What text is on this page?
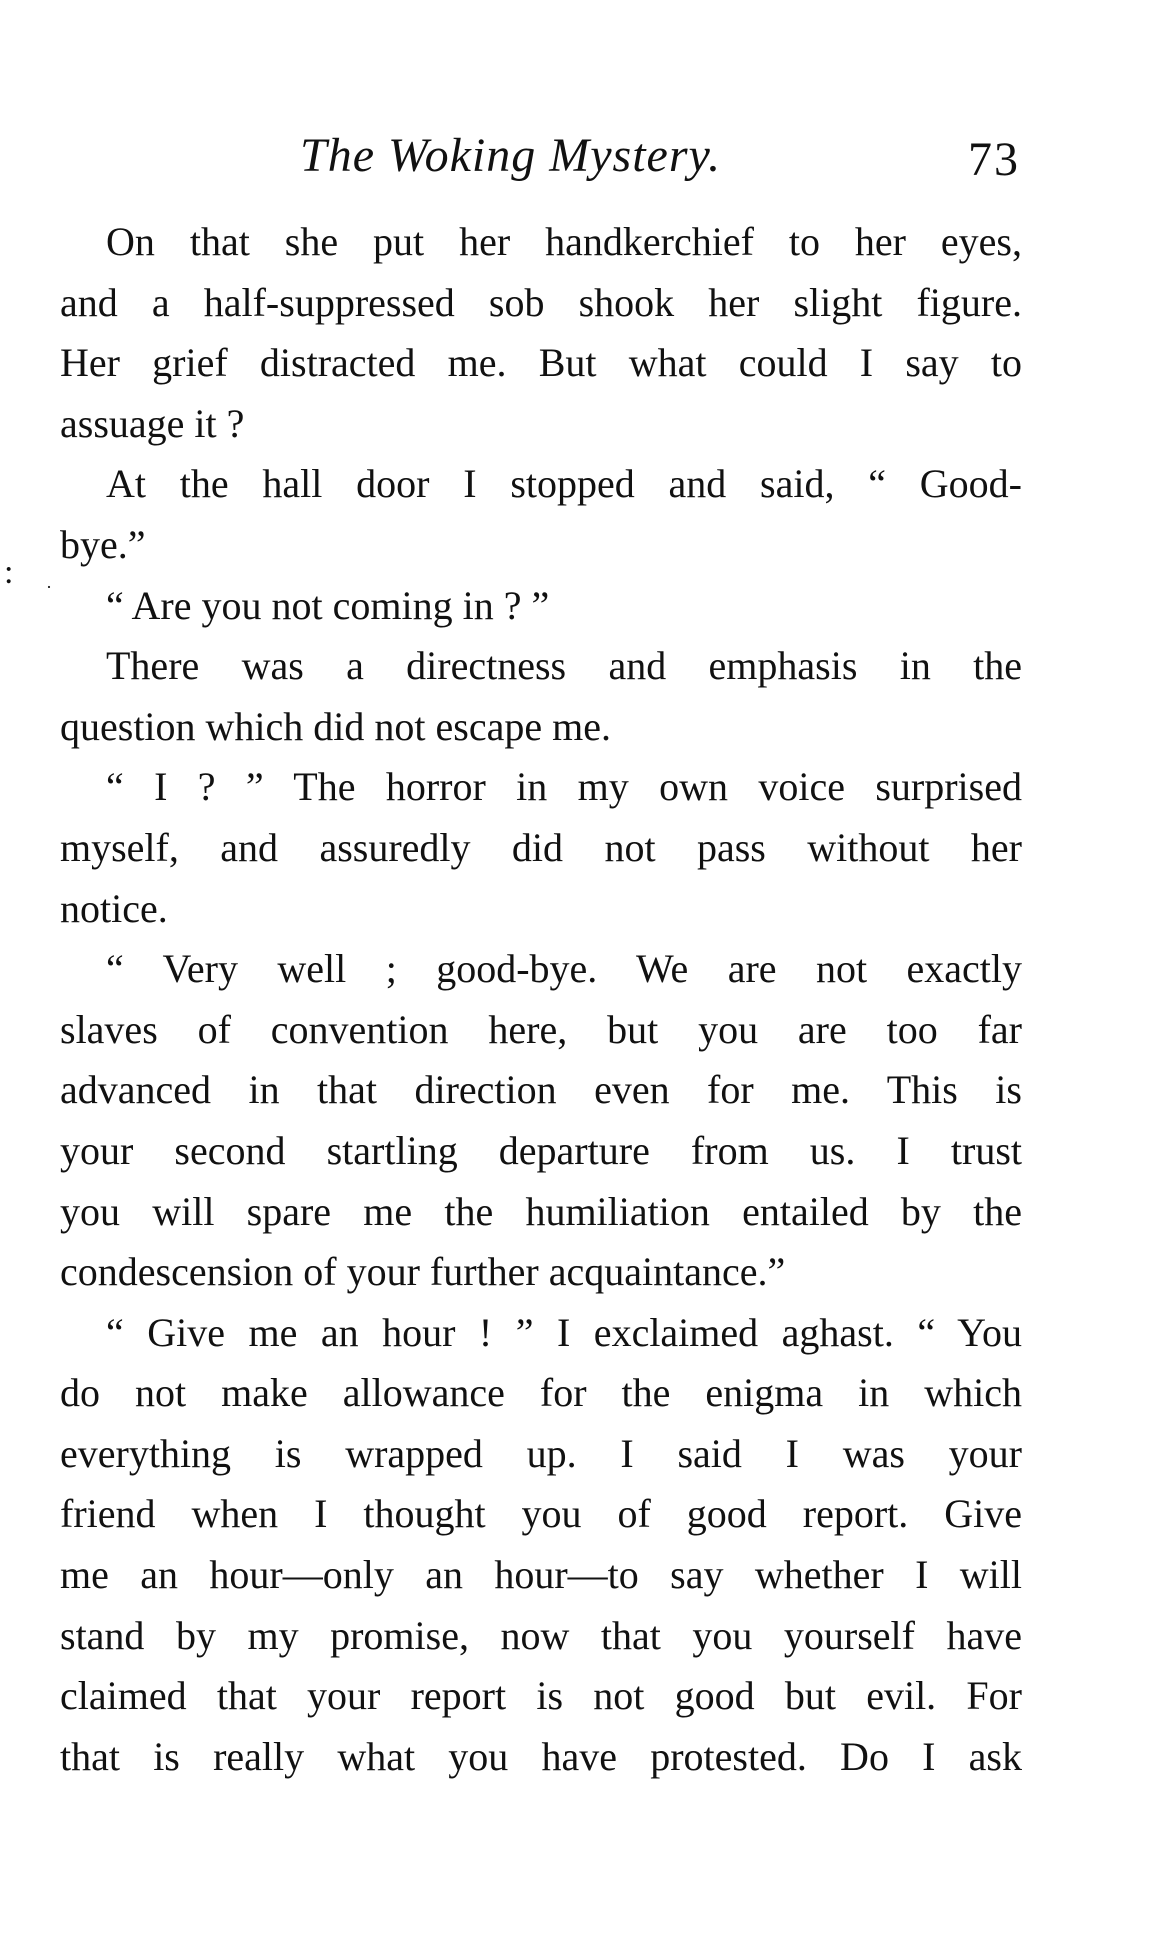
The Woking Mystery.	73
: ·
On that she put her handkerchief to her eyes,
and a half-suppressed sob shook her slight figure.
Her grief distracted me. But what could I say to
assuage it ?
At the hall door I stopped and said, “ Good-
bye.”
“ Are you not coming in ? ”
There was a directness and emphasis in the
question which did not escape me.
“ I ? ” The horror in my own voice surprised
myself, and assuredly did not pass without her
notice.
“ Very well ; good-bye. We are not exactly
slaves of convention here, but you are too far
advanced in that direction even for me. This is
your second startling departure from us. I trust
you will spare me the humiliation entailed by the
condescension of your further acquaintance.”
“ Give me an hour ! ” I exclaimed aghast. “ You
do not make allowance for the enigma in which
everything is wrapped up. I said I was your
friend when I thought you of good report. Give
me an hour—only an hour—to say whether I will
stand by my promise, now that you yourself have
claimed that your report is not good but evil. For
that is really what you have protested. Do I ask
